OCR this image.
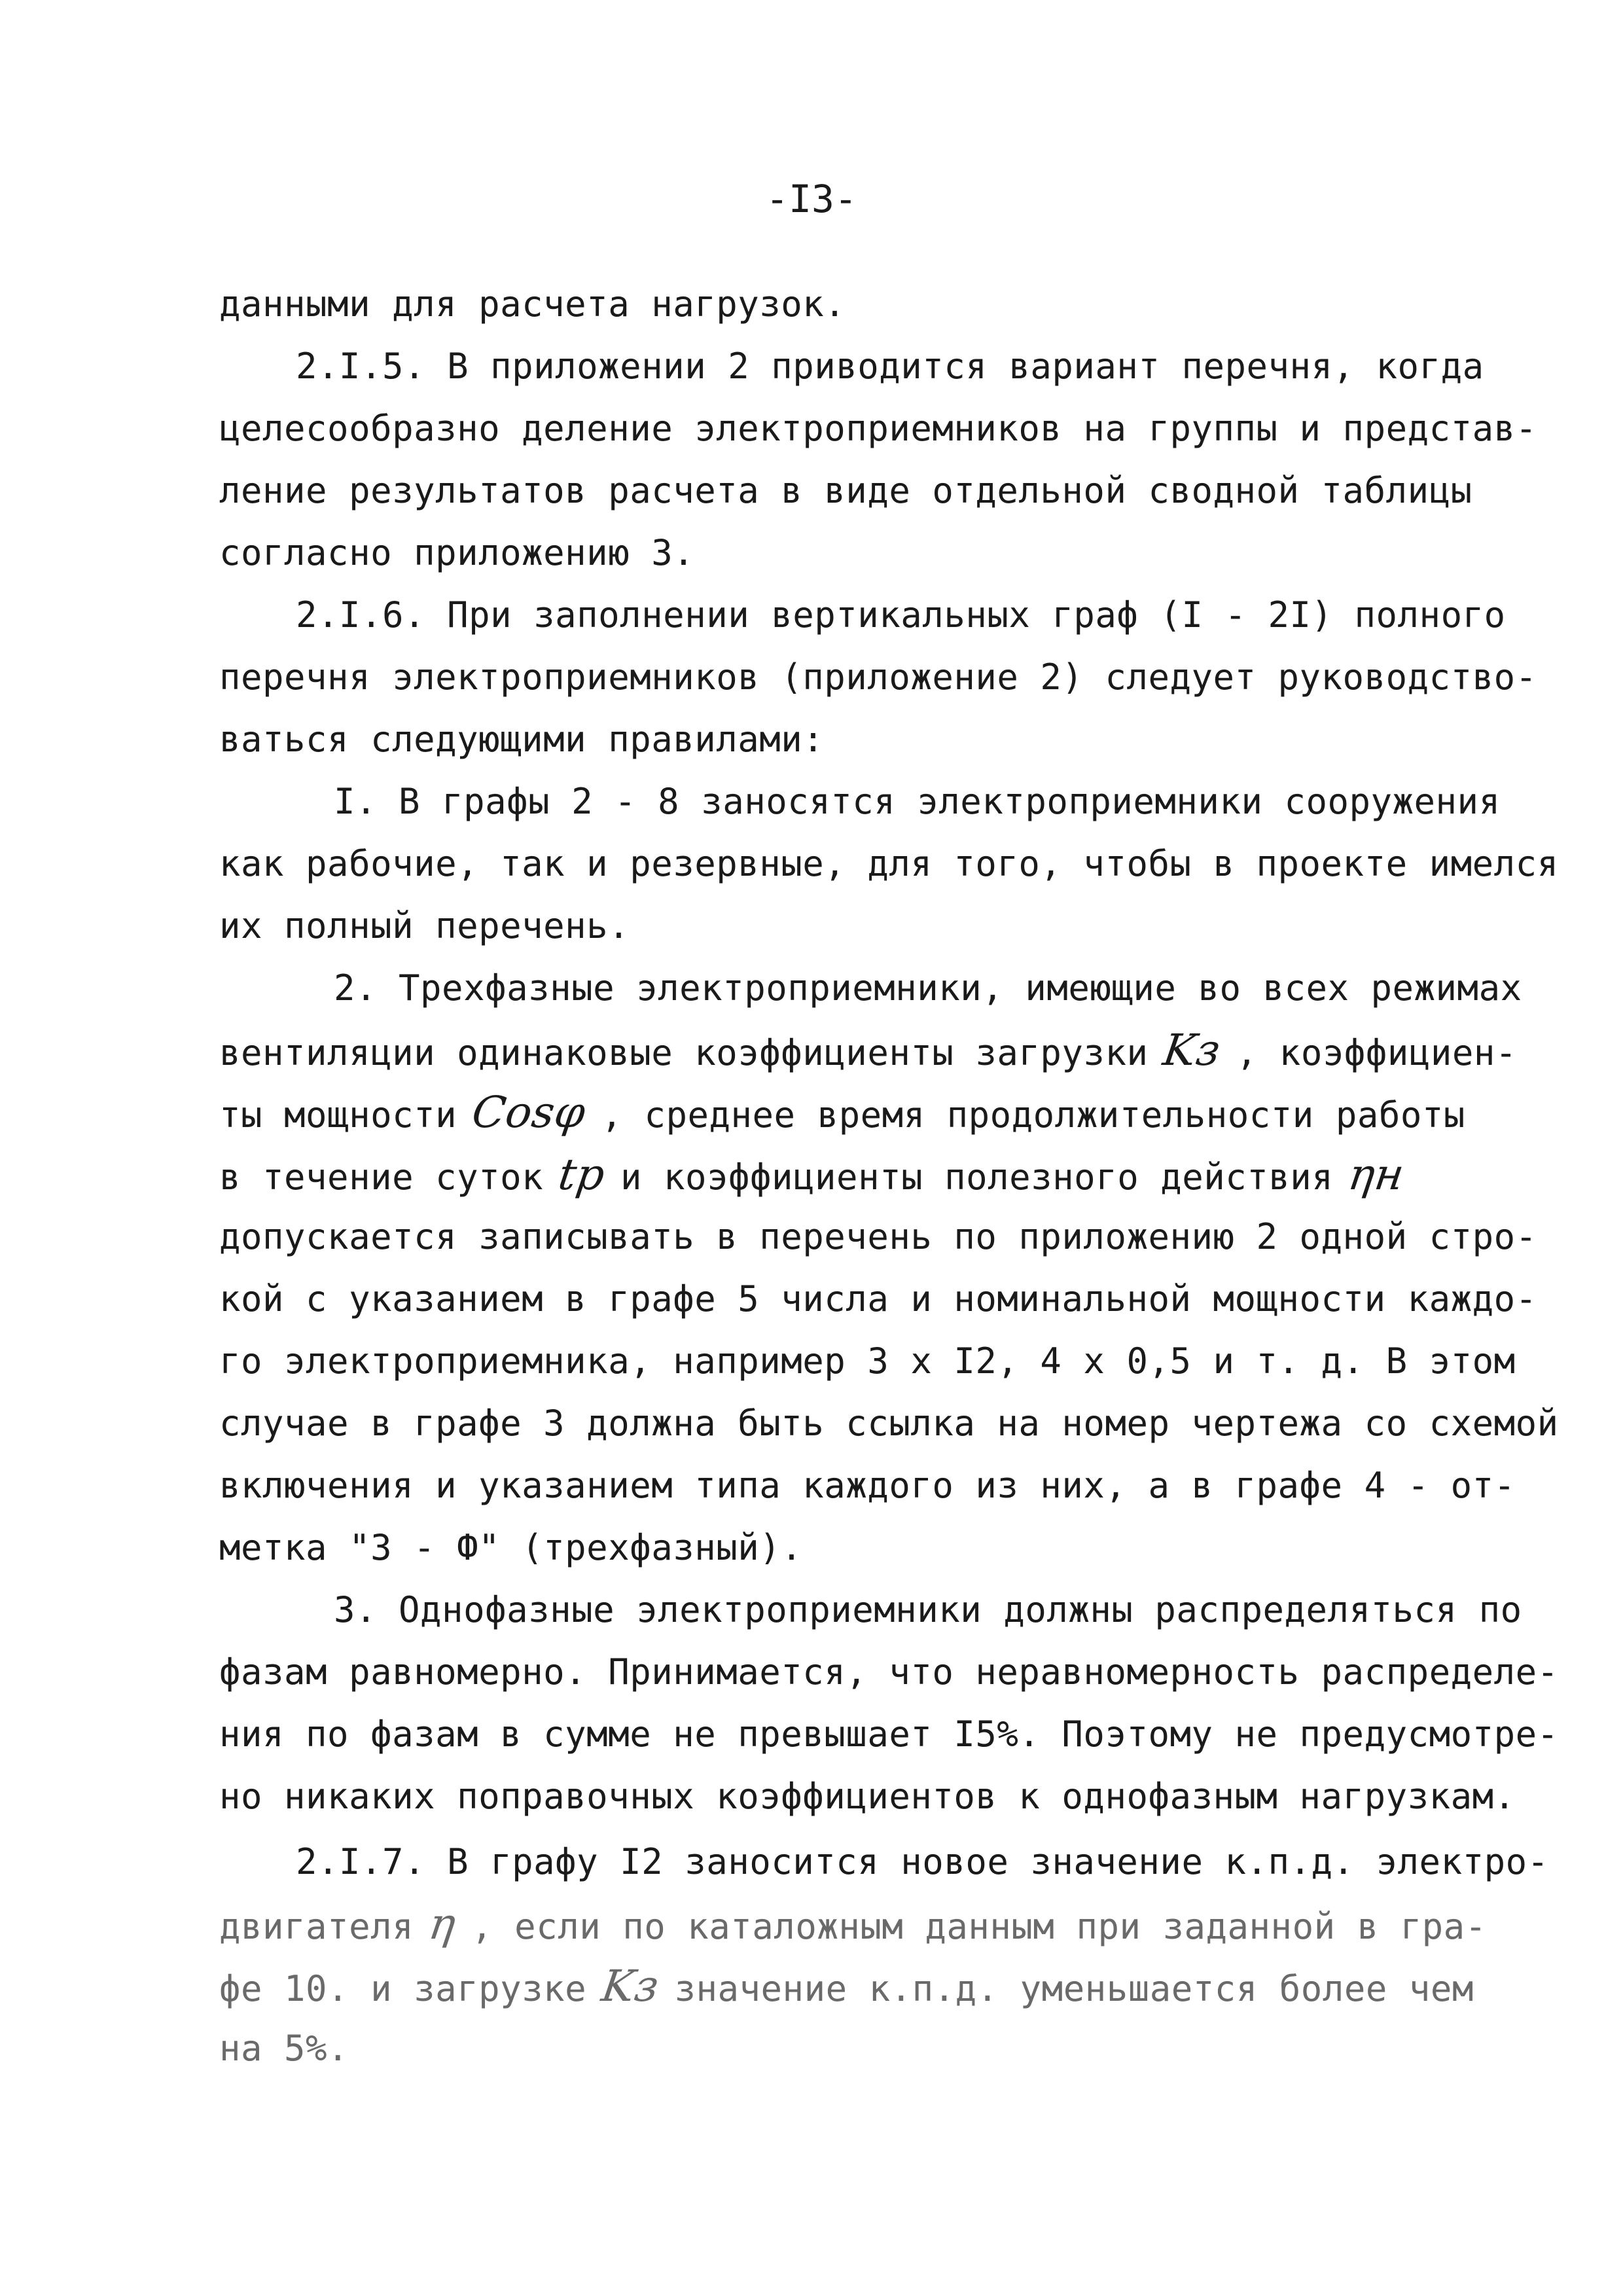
-I3-
данными для расчета нагрузок.
2.I.5. В приложении 2 приводится вариант перечня, когда
целесообразно деление электроприемников на группы и представ-
ление результатов расчета в виде отдельной сводной таблицы
согласно приложению 3.
2.I.6. При заполнении вертикальных граф (I - 2I) полного
перечня электроприемников (приложение 2) следует руководство-
ваться следующими правилами:
I. В графы 2 - 8 заносятся электроприемники сооружения
как рабочие, так и резервные, для того, чтобы в проекте имелся
их полный перечень.
2. Трехфазные электроприемники, имеющие во всех режимах
вентиляции одинаковые коэффициенты загрузки Kз , коэффициен-
ты мощности Cosφ , среднее время продолжительности работы
в течение суток tр и коэффициенты полезного действия ηн
допускается записывать в перечень по приложению 2 одной стро-
кой с указанием в графе 5 числа и номинальной мощности каждо-
го электроприемника, например 3 х I2, 4 х 0,5 и т. д. В этом
случае в графе 3 должна быть ссылка на номер чертежа со схемой
включения и указанием типа каждого из них, а в графе 4 - от-
метка "3 - Ф" (трехфазный).
3. Однофазные электроприемники должны распределяться по
фазам равномерно. Принимается, что неравномерность распределе-
ния по фазам в сумме не превышает I5%. Поэтому не предусмотре-
но никаких поправочных коэффициентов к однофазным нагрузкам.
2.I.7. В графу I2 заносится новое значение к.п.д. электро-
двигателя η , если по каталожным данным при заданной в гра-
фе 10. и загрузке Kз значение к.п.д. уменьшается более чем
на 5%.
